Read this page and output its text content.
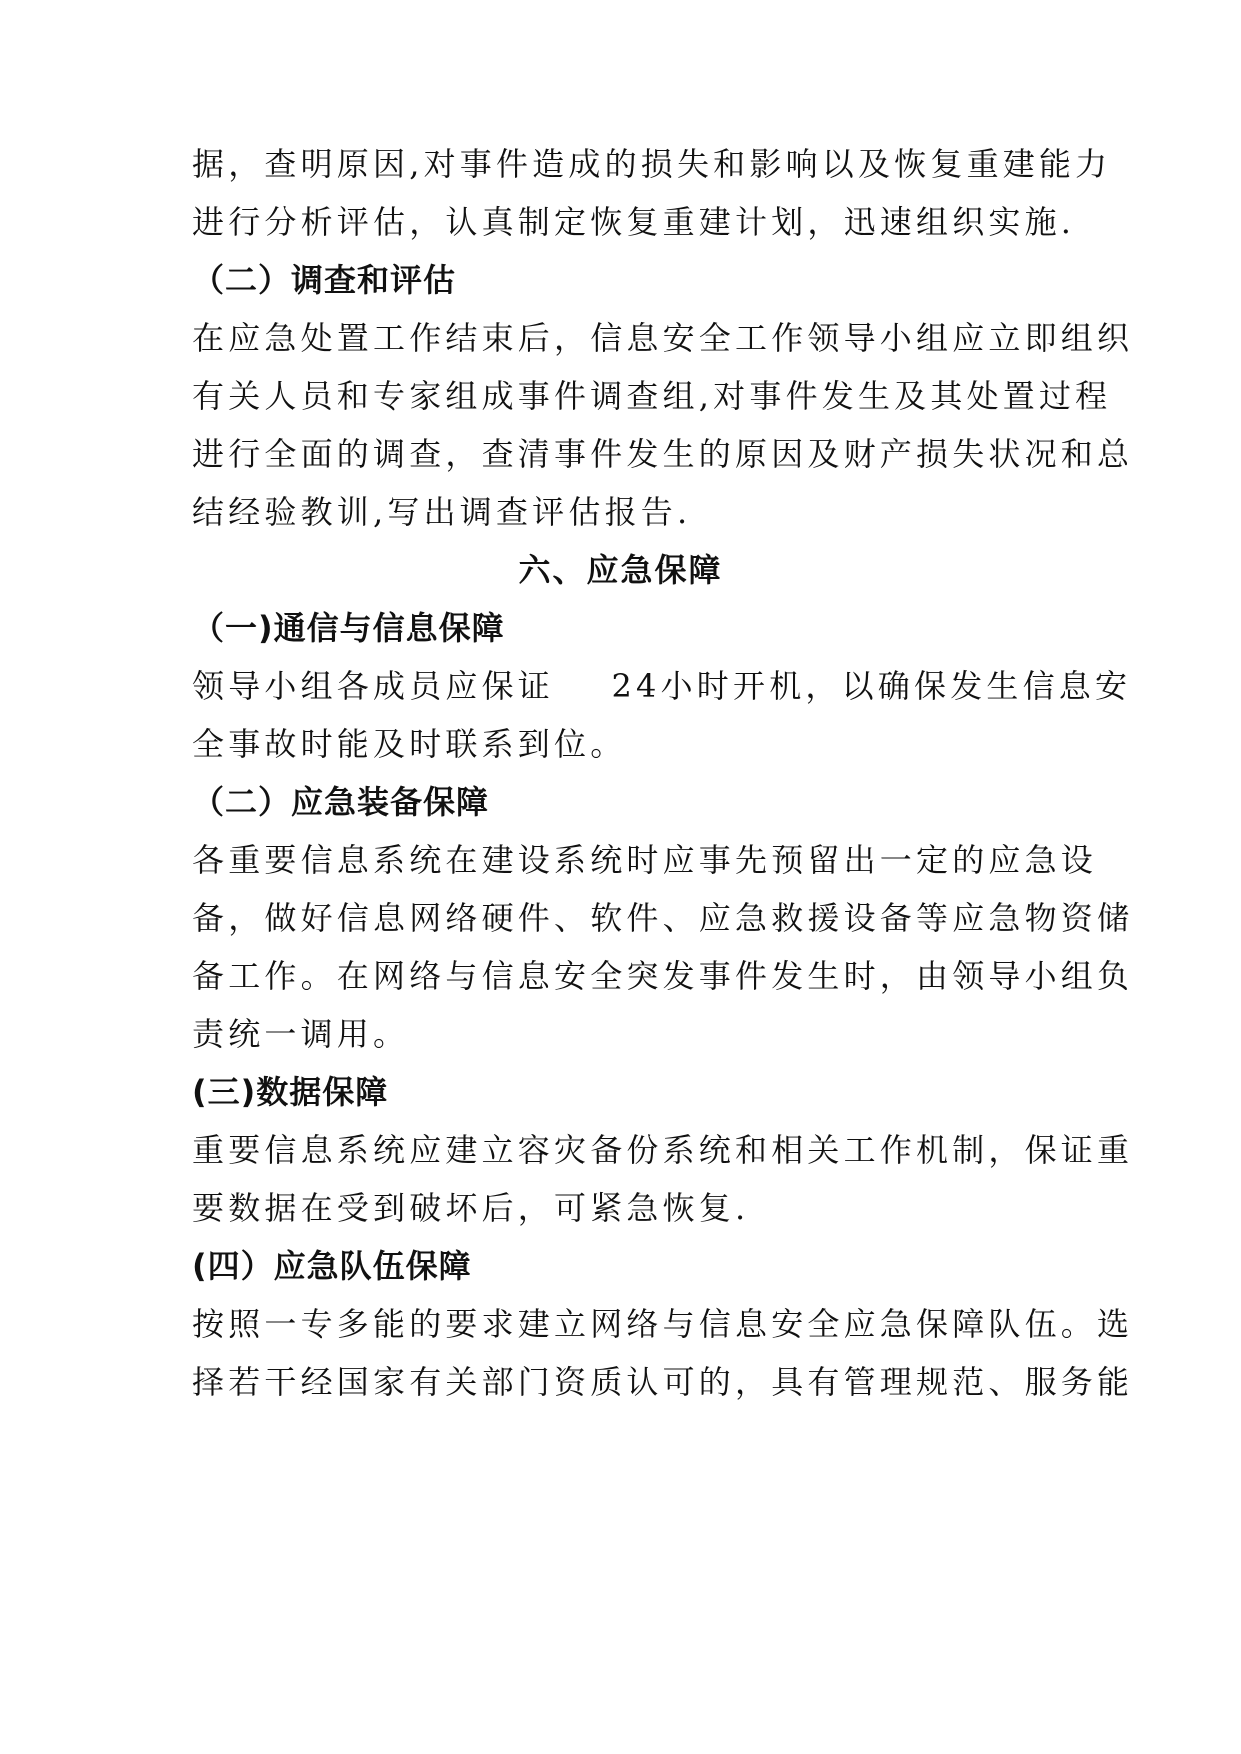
据，查明原因,对事件造成的损失和影响以及恢复重建能力
进行分析评估，认真制定恢复重建计划，迅速组织实施.
（二）调查和评估
在应急处置工作结束后，信息安全工作领导小组应立即组织
有关人员和专家组成事件调查组,对事件发生及其处置过程
进行全面的调查，查清事件发生的原因及财产损失状况和总
结经验教训,写出调查评估报告.
六、应急保障
（一)通信与信息保障
领导小组各成员应保证    24小时开机，以确保发生信息安
全事故时能及时联系到位。
（二）应急装备保障
各重要信息系统在建设系统时应事先预留出一定的应急设
备，做好信息网络硬件、软件、应急救援设备等应急物资储
备工作。在网络与信息安全突发事件发生时，由领导小组负
责统一调用。
(三)数据保障
重要信息系统应建立容灾备份系统和相关工作机制，保证重
要数据在受到破坏后，可紧急恢复.
(四）应急队伍保障
按照一专多能的要求建立网络与信息安全应急保障队伍。选
择若干经国家有关部门资质认可的，具有管理规范、服务能
